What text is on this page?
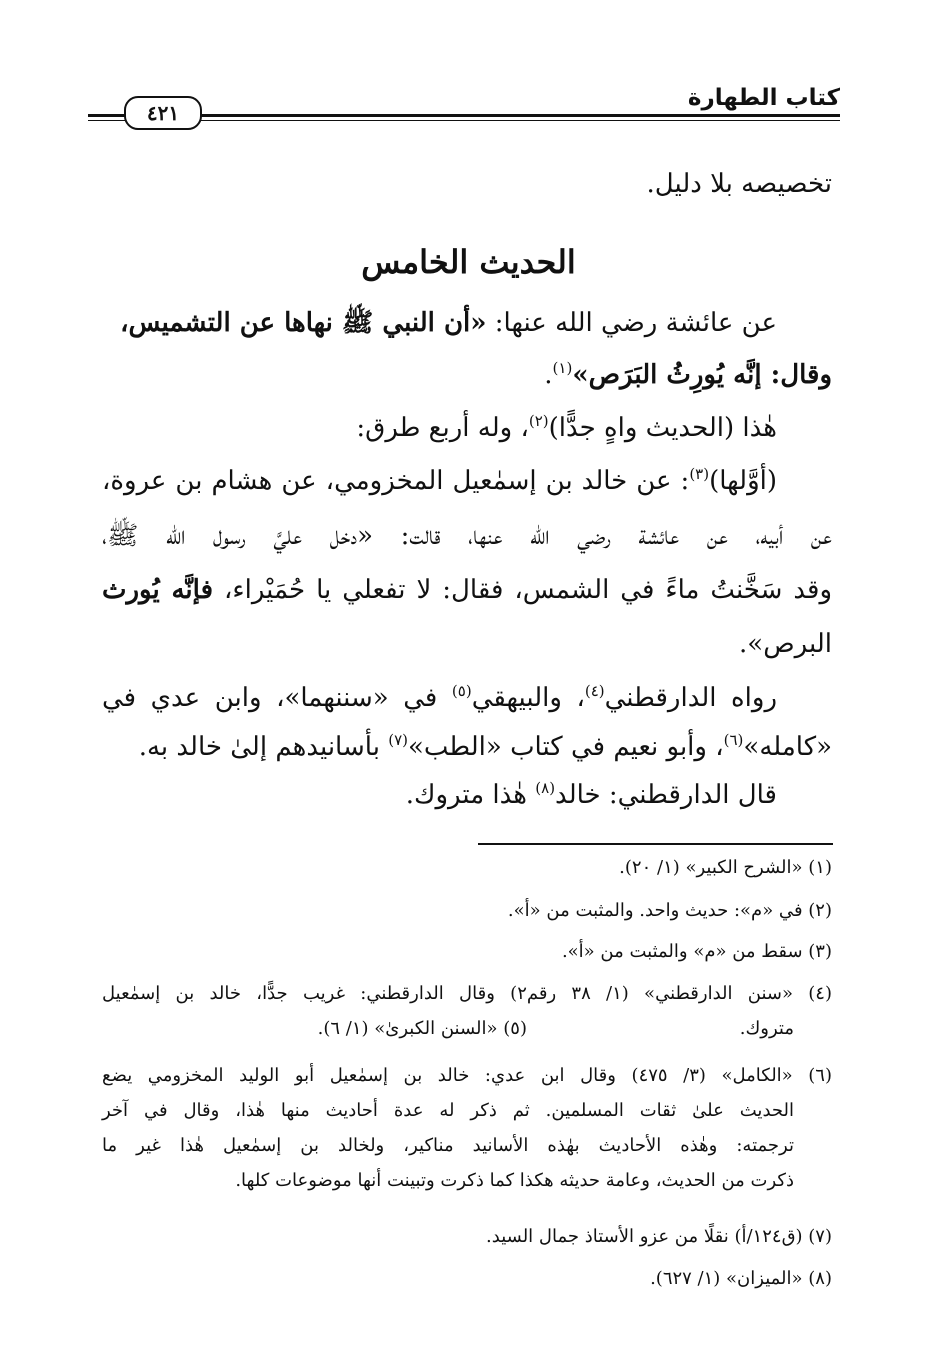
كتاب الطهارة
٤٢١
تخصيصه بلا دليل.
الحديث الخامس
عن عائشة رضي الله عنها: «أن النبي ﷺ نهاها عن التشميس،
وقال: إنَّه يُورِثُ البَرَص»$^{(١)}$.
هٰذا (الحديث واهٍ جدًّا)$^{(٢)}$، وله أربع طرق:
(أوَّلها)$^{(٣)}$: عن خالد بن إسمٰعيل المخزومي، عن هشام بن عروة،
عن أبيه، عن عائشة رضي الله عنها، قالت: «دخل عليَّ رسول الله ﷺ،
وقد سَخَّنتُ ماءً في الشمس، فقال: لا تفعلي يا حُمَيْراء، فإنَّه يُورث
البرص».
رواه الدارقطني$^{(٤)}$، والبيهقي$^{(٥)}$ في «سننهما»، وابن عدي في
«كامله»$^{(٦)}$، وأبو نعيم في كتاب «الطب»$^{(٧)}$ بأسانيدهم إلىٰ خالد به.
قال الدارقطني: خالد$^{(٨)}$ هٰذا متروك.
(١) «الشرح الكبير» (١/ ٢٠).
(٢) في «م»: حديث واحد. والمثبت من «أ».
(٣) سقط من «م» والمثبت من «أ».
(٤) «سنن الدارقطني» (١/ ٣٨ رقم٢) وقال الدارقطني: غريب جدًّا، خالد بن إسمٰعيل
متروك.
(٥) «السنن الكبرىٰ» (١/ ٦).
(٦) «الكامل» (٣/ ٤٧٥) وقال ابن عدي: خالد بن إسمٰعيل أبو الوليد المخزومي يضع
الحديث علىٰ ثقات المسلمين. ثم ذكر له عدة أحاديث منها هٰذا، وقال في آخر
ترجمته: وهٰذه الأحاديث بهٰذه الأسانيد مناكير، ولخالد بن إسمٰعيل هٰذا غير ما
ذكرت من الحديث، وعامة حديثه هكذا كما ذكرت وتبينت أنها موضوعات كلها.
(٧) (ق١٢٤/أ) نقلًا من عزو الأستاذ جمال السيد.
(٨) «الميزان» (١/ ٦٢٧).
